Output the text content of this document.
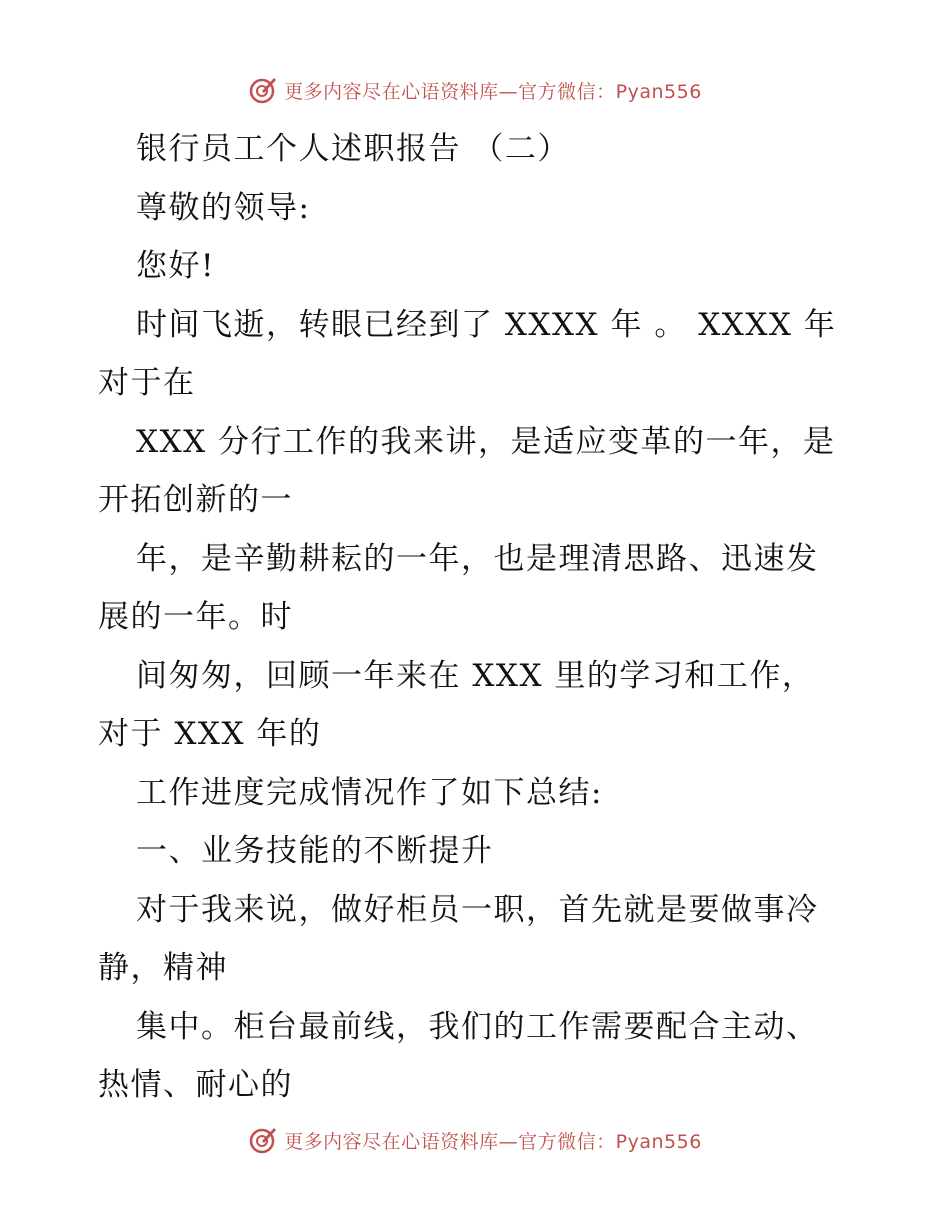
更多内容尽在心语资料库—官方微信：Pyan556
银行员工个人述职报告 （二）
尊敬的领导:
您好!
时间飞逝，转眼已经到了 XXXX 年 。 XXXX 年
对于在
XXX 分行工作的我来讲，是适应变革的一年，是
开拓创新的一
年，是辛勤耕耘的一年，也是理清思路、迅速发
展的一年。时
间匆匆，回顾一年来在 XXX 里的学习和工作，
对于 XXX 年的
工作进度完成情况作了如下总结:
一、业务技能的不断提升
对于我来说，做好柜员一职，首先就是要做事冷
静，精神
集中。柜台最前线，我们的工作需要配合主动、
热情、耐心的
更多内容尽在心语资料库—官方微信：Pyan556
